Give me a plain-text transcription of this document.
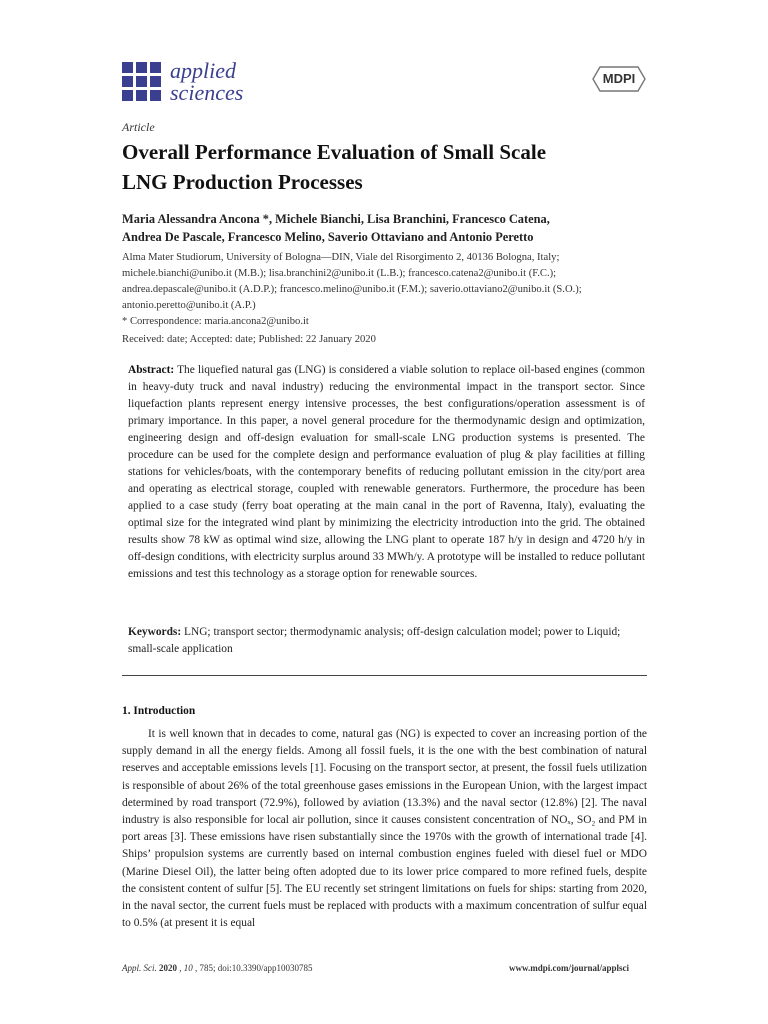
applied
sciences
MDPI
Article
Overall Performance Evaluation of Small Scale
LNG Production Processes
Maria Alessandra Ancona *, Michele Bianchi, Lisa Branchini, Francesco Catena,
Andrea De Pascale, Francesco Melino, Saverio Ottaviano and Antonio Peretto
Alma Mater Studiorum, University of Bologna—DIN, Viale del Risorgimento 2, 40136 Bologna, Italy;
michele.bianchi@unibo.it (M.B.); lisa.branchini2@unibo.it (L.B.); francesco.catena2@unibo.it (F.C.);
andrea.depascale@unibo.it (A.D.P.); francesco.melino@unibo.it (F.M.); saverio.ottaviano2@unibo.it (S.O.);
antonio.peretto@unibo.it (A.P.)
* Correspondence: maria.ancona2@unibo.it
Received: date; Accepted: date; Published: 22 January 2020
Abstract: The liquefied natural gas (LNG) is considered a viable solution to replace oil-based engines (common in heavy-duty truck and naval industry) reducing the environmental impact in the transport sector. Since liquefaction plants represent energy intensive processes, the best configurations/operation assessment is of primary importance. In this paper, a novel general procedure for the thermodynamic design and optimization, engineering design and off-design evaluation for small-scale LNG production systems is presented. The procedure can be used for the complete design and performance evaluation of plug & play facilities at filling stations for vehicles/boats, with the contemporary benefits of reducing pollutant emission in the city/port area and operating as electrical storage, coupled with renewable generators. Furthermore, the procedure has been applied to a case study (ferry boat operating at the main canal in the port of Ravenna, Italy), evaluating the optimal size for the integrated wind plant by minimizing the electricity introduction into the grid. The obtained results show 78 kW as optimal wind size, allowing the LNG plant to operate 187 h/y in design and 4720 h/y in off-design conditions, with electricity surplus around 33 MWh/y. A prototype will be installed to reduce pollutant emissions and test this technology as a storage option for renewable sources.
Keywords: LNG; transport sector; thermodynamic analysis; off-design calculation model; power to Liquid; small-scale application
1. Introduction

It is well known that in decades to come, natural gas (NG) is expected to cover an increasing portion of the supply demand in all the energy fields. Among all fossil fuels, it is the one with the best combination of natural reserves and acceptable emissions levels [1]. Focusing on the transport sector, at present, the fossil fuels utilization is responsible of about 26% of the total greenhouse gases emissions in the European Union, with the largest impact determined by road transport (72.9%), followed by aviation (13.3%) and the naval sector (12.8%) [2]. The naval industry is also responsible for local air pollution, since it causes consistent concentration of NOₓ, SO₂ and PM in port areas [3]. These emissions have risen substantially since the 1970s with the growth of international trade [4]. Ships’ propulsion systems are currently based on internal combustion engines fueled with diesel fuel or MDO (Marine Diesel Oil), the latter being often adopted due to its lower price compared to more refined fuels, despite the consistent content of sulfur [5]. The EU recently set stringent limitations on fuels for ships: starting from 2020, in the naval sector, the current fuels must be replaced with products with a maximum concentration of sulfur equal to 0.5% (at present it is equal

Appl. Sci. 2020 , 10 , 785; doi:10.3390/app10030785	www.mdpi.com/journal/applsci
